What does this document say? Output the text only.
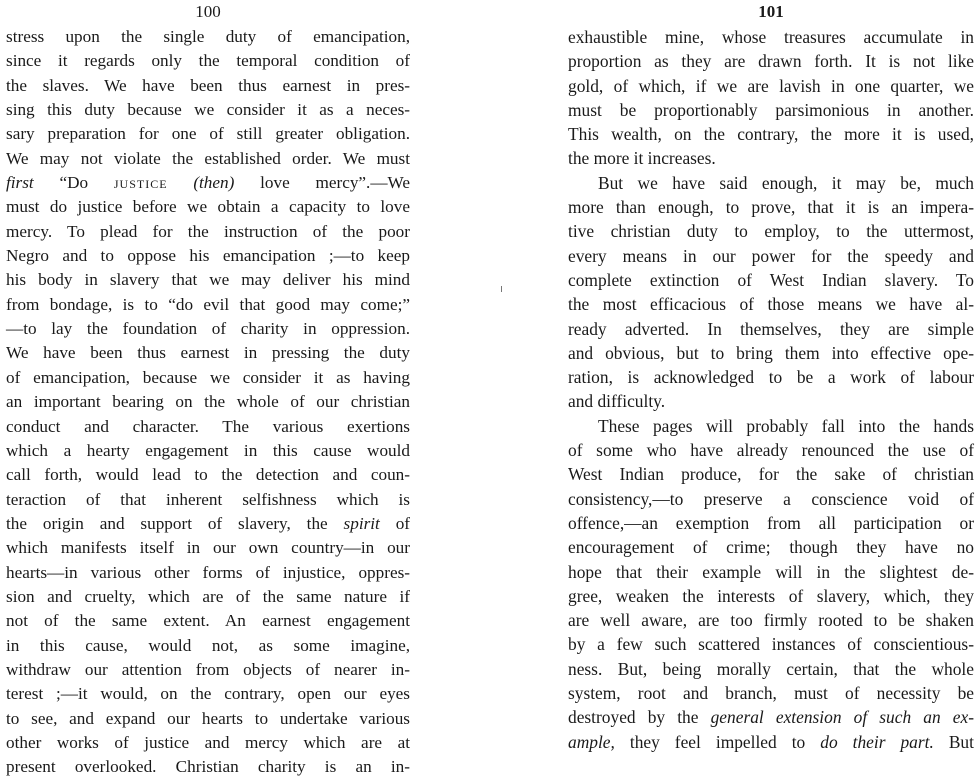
100
stress upon the single duty of emancipation,
since it regards only the temporal condition of
the slaves. We have been thus earnest in pres-
sing this duty because we consider it as a neces-
sary preparation for one of still greater obligation.
We may not violate the established order. We must
first “Do justice (then) love mercy”.—We
must do justice before we obtain a capacity to love
mercy. To plead for the instruction of the poor
Negro and to oppose his emancipation ;—to keep
his body in slavery that we may deliver his mind
from bondage, is to “do evil that good may come;”
—to lay the foundation of charity in oppression.
We have been thus earnest in pressing the duty
of emancipation, because we consider it as having
an important bearing on the whole of our christian
conduct and character. The various exertions
which a hearty engagement in this cause would
call forth, would lead to the detection and coun-
teraction of that inherent selfishness which is
the origin and support of slavery, the spirit of
which manifests itself in our own country—in our
hearts—in various other forms of injustice, oppres-
sion and cruelty, which are of the same nature if
not of the same extent. An earnest engagement
in this cause, would not, as some imagine,
withdraw our attention from objects of nearer in-
terest ;—it would, on the contrary, open our eyes
to see, and expand our hearts to undertake various
other works of justice and mercy which are at
present overlooked. Christian charity is an in-
101
exhaustible mine, whose treasures accumulate in
proportion as they are drawn forth. It is not like
gold, of which, if we are lavish in one quarter, we
must be proportionably parsimonious in another.
This wealth, on the contrary, the more it is used,
the more it increases.
But we have said enough, it may be, much
more than enough, to prove, that it is an impera-
tive christian duty to employ, to the uttermost,
every means in our power for the speedy and
complete extinction of West Indian slavery. To
the most efficacious of those means we have al-
ready adverted. In themselves, they are simple
and obvious, but to bring them into effective ope-
ration, is acknowledged to be a work of labour
and difficulty.
These pages will probably fall into the hands
of some who have already renounced the use of
West Indian produce, for the sake of christian
consistency,—to preserve a conscience void of
offence,—an exemption from all participation or
encouragement of crime; though they have no
hope that their example will in the slightest de-
gree, weaken the interests of slavery, which, they
are well aware, are too firmly rooted to be shaken
by a few such scattered instances of conscientious-
ness. But, being morally certain, that the whole
system, root and branch, must of necessity be
destroyed by the general extension of such an ex-
ample, they feel impelled to do their part. But
